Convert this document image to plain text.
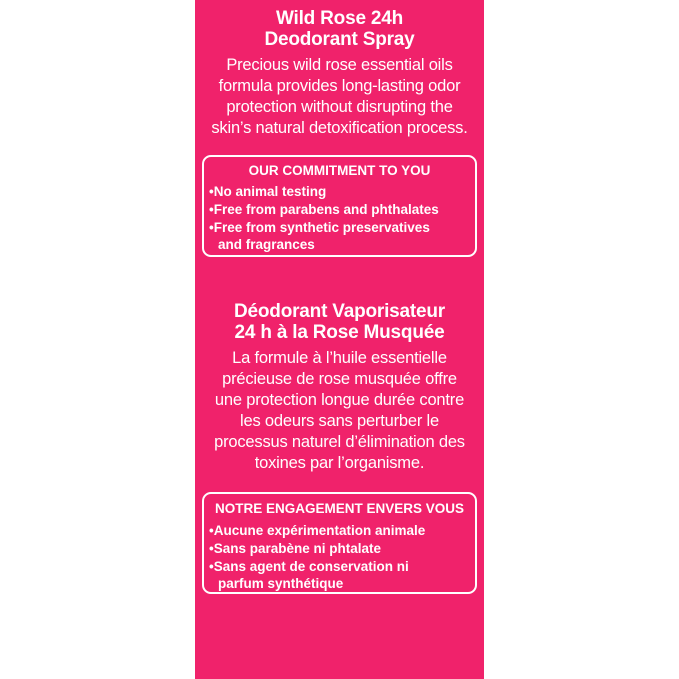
Wild Rose 24h
Deodorant Spray
Precious wild rose essential oils
formula provides long-lasting odor
protection without disrupting the
skin’s natural detoxification process.
OUR COMMITMENT TO YOU
•No animal testing
•Free from parabens and phthalates
•Free from synthetic preservatives
and fragrances
Déodorant Vaporisateur
24 h à la Rose Musquée
La formule à l’huile essentielle
précieuse de rose musquée offre
une protection longue durée contre
les odeurs sans perturber le
processus naturel d’élimination des
toxines par l’organisme.
NOTRE ENGAGEMENT ENVERS VOUS
•Aucune expérimentation animale
•Sans parabène ni phtalate
•Sans agent de conservation ni
parfum synthétique
